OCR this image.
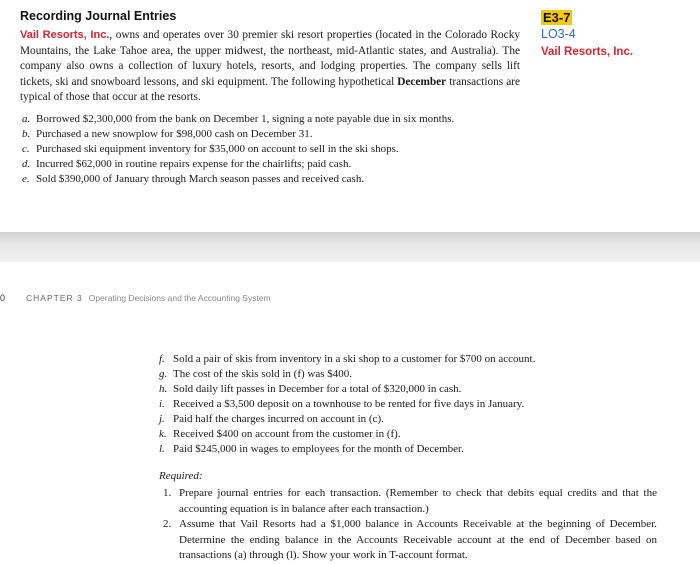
Recording Journal Entries	E3-7
LO3-4
Vail Resorts, Inc.

Vail Resorts, Inc., owns and operates over 30 premier ski resort properties (located in the Colorado Rocky Mountains, the Lake Tahoe area, the upper midwest, the northeast, mid-Atlantic states, and Australia). The company also owns a collection of luxury hotels, resorts, and lodging properties. The company sells lift tickets, ski and snowboard lessons, and ski equipment. The following hypothetical December transactions are typical of those that occur at the resorts.

a. Borrowed $2,300,000 from the bank on December 1, signing a note payable due in six months.
b. Purchased a new snowplow for $98,000 cash on December 31.
c. Purchased ski equipment inventory for $35,000 on account to sell in the ski shops.
d. Incurred $62,000 in routine repairs expense for the chairlifts; paid cash.
e. Sold $390,000 of January through March season passes and received cash.
0 CHAPTER 3 Operating Decisions and the Accounting System
f. Sold a pair of skis from inventory in a ski shop to a customer for $700 on account.
g. The cost of the skis sold in (f) was $400.
h. Sold daily lift passes in December for a total of $320,000 in cash.
i. Received a $3,500 deposit on a townhouse to be rented for five days in January.
j. Paid half the charges incurred on account in (c).
k. Received $400 on account from the customer in (f).
l. Paid $245,000 in wages to employees for the month of December.
Required:
1. Prepare journal entries for each transaction. (Remember to check that debits equal credits and that the accounting equation is in balance after each transaction.)
2. Assume that Vail Resorts had a $1,000 balance in Accounts Receivable at the beginning of December. Determine the ending balance in the Accounts Receivable account at the end of December based on transactions (a) through (l). Show your work in T-account format.
